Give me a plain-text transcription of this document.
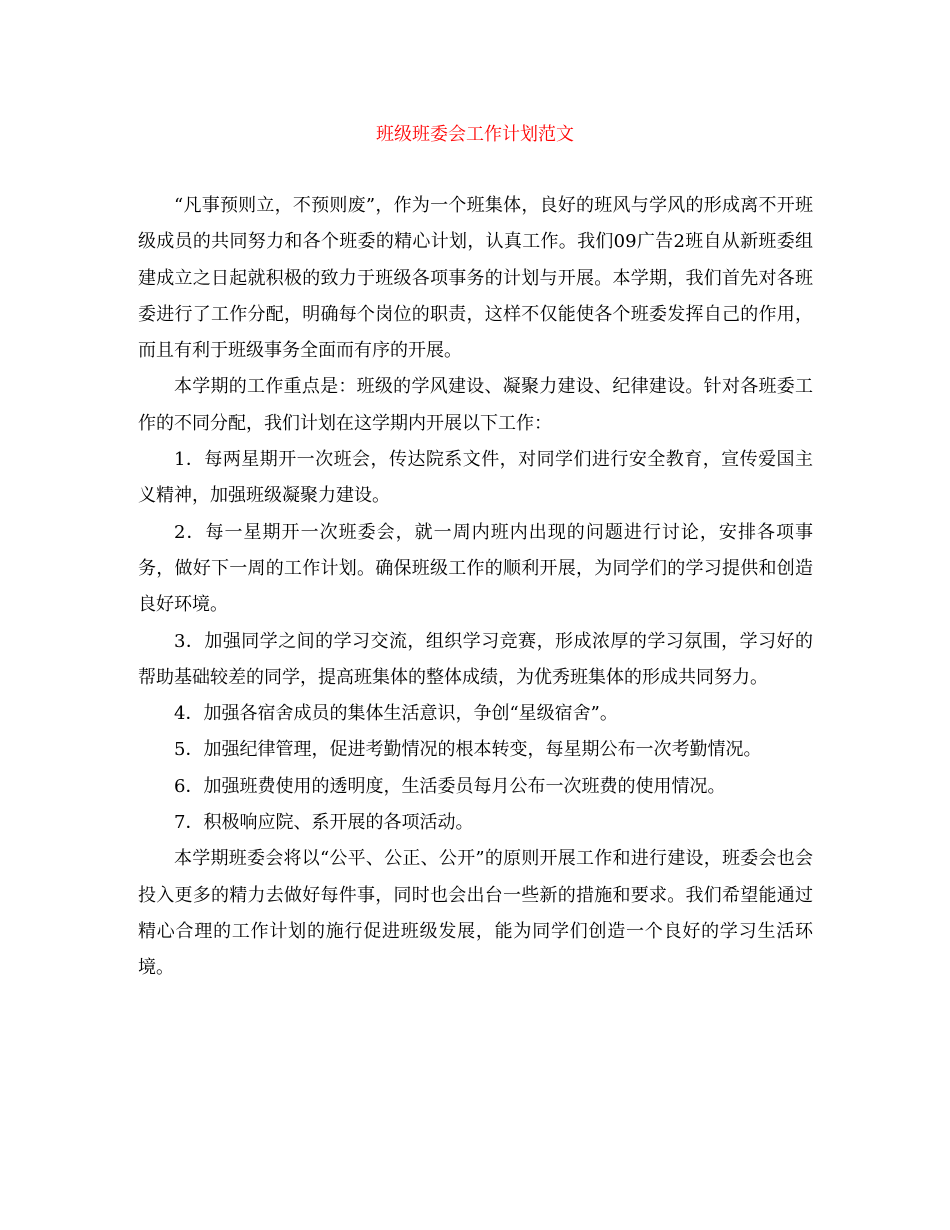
班级班委会工作计划范文

“凡事预则立，不预则废”，作为一个班集体，良好的班风与学风的形成离不开班级成员的共同努力和各个班委的精心计划，认真工作。我们09广告2班自从新班委组建成立之日起就积极的致力于班级各项事务的计划与开展。本学期，我们首先对各班委进行了工作分配，明确每个岗位的职责，这样不仅能使各个班委发挥自己的作用，而且有利于班级事务全面而有序的开展。

本学期的工作重点是：班级的学风建设、凝聚力建设、纪律建设。针对各班委工作的不同分配，我们计划在这学期内开展以下工作：

1．每两星期开一次班会，传达院系文件，对同学们进行安全教育，宣传爱国主义精神，加强班级凝聚力建设。

2．每一星期开一次班委会，就一周内班内出现的问题进行讨论，安排各项事务，做好下一周的工作计划。确保班级工作的顺利开展，为同学们的学习提供和创造良好环境。

3．加强同学之间的学习交流，组织学习竞赛，形成浓厚的学习氛围，学习好的帮助基础较差的同学，提高班集体的整体成绩，为优秀班集体的形成共同努力。

4．加强各宿舍成员的集体生活意识，争创“星级宿舍”。

5．加强纪律管理，促进考勤情况的根本转变，每星期公布一次考勤情况。

6．加强班费使用的透明度，生活委员每月公布一次班费的使用情况。

7．积极响应院、系开展的各项活动。

本学期班委会将以“公平、公正、公开”的原则开展工作和进行建设，班委会也会投入更多的精力去做好每件事，同时也会出台一些新的措施和要求。我们希望能通过精心合理的工作计划的施行促进班级发展，能为同学们创造一个良好的学习生活环境。
